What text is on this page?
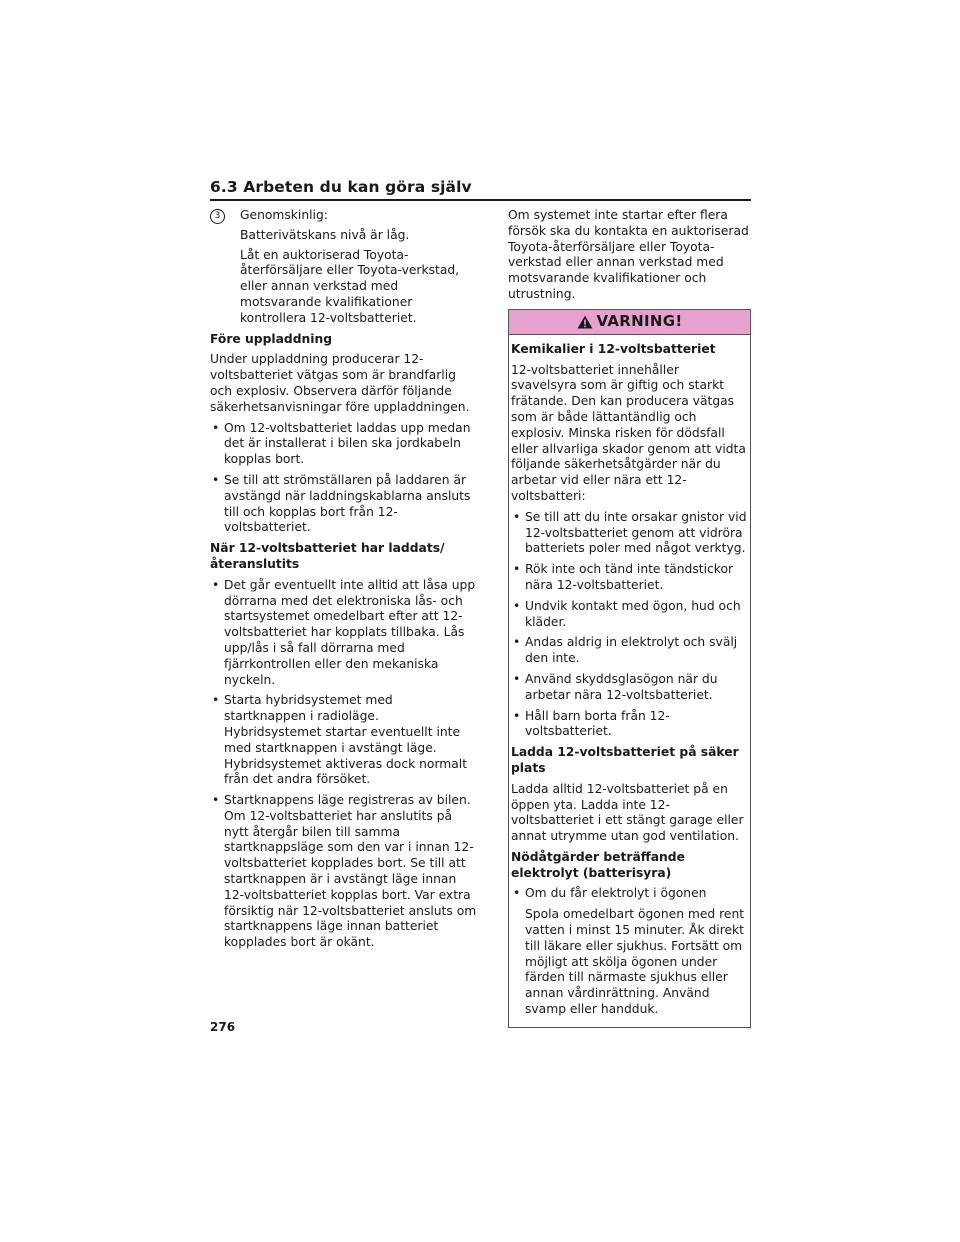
6.3 Arbeten du kan göra själv
3	Genomskinlig:

Batterivätskans nivå är låg.

Låt en auktoriserad Toyota-återförsäljare eller Toyota-verkstad, eller annan verkstad med motsvarande kvalifikationer kontrollera 12-voltsbatteriet.

Före uppladdning

Under uppladdning producerar 12-voltsbatteriet vätgas som är brandfarlig och explosiv. Observera därför följande säkerhetsanvisningar före uppladdningen.

• Om 12-voltsbatteriet laddas upp medan det är installerat i bilen ska jordkabeln kopplas bort.
• Se till att strömställaren på laddaren är avstängd när laddningskablarna ansluts till och kopplas bort från 12-voltsbatteriet.

När 12-voltsbatteriet har laddats/återanslutits

• Det går eventuellt inte alltid att låsa upp dörrarna med det elektroniska lås- och startsystemet omedelbart efter att 12-voltsbatteriet har kopplats tillbaka. Lås upp/lås i så fall dörrarna med fjärrkontrollen eller den mekaniska nyckeln.
• Starta hybridsystemet med startknappen i radioläge. Hybridsystemet startar eventuellt inte med startknappen i avstängt läge. Hybridsystemet aktiveras dock normalt från det andra försöket.
• Startknappens läge registreras av bilen. Om 12-voltsbatteriet har anslutits på nytt återgår bilen till samma startknappsläge som den var i innan 12-voltsbatteriet kopplades bort. Se till att startknappen är i avstängt läge innan 12-voltsbatteriet kopplas bort. Var extra försiktig när 12-voltsbatteriet ansluts om startknappens läge innan batteriet kopplades bort är okänt.

Om systemet inte startar efter flera försök ska du kontakta en auktoriserad Toyota-återförsäljare eller Toyota-verkstad eller annan verkstad med motsvarande kvalifikationer och utrustning.

VARNING!

Kemikalier i 12-voltsbatteriet

12-voltsbatteriet innehåller svavelsyra som är giftig och starkt frätande. Den kan producera vätgas som är både lättantändlig och explosiv. Minska risken för dödsfall eller allvarliga skador genom att vidta följande säkerhetsåtgärder när du arbetar vid eller nära ett 12-voltsbatteri:

• Se till att du inte orsakar gnistor vid 12-voltsbatteriet genom att vidröra batteriets poler med något verktyg.
• Rök inte och tänd inte tändstickor nära 12-voltsbatteriet.
• Undvik kontakt med ögon, hud och kläder.
• Andas aldrig in elektrolyt och svälj den inte.
• Använd skyddsglasögon när du arbetar nära 12-voltsbatteriet.
• Håll barn borta från 12-voltsbatteriet.

Ladda 12-voltsbatteriet på säker plats

Ladda alltid 12-voltsbatteriet på en öppen yta. Ladda inte 12-voltsbatteriet i ett stängt garage eller annat utrymme utan god ventilation.

Nödåtgärder beträffande elektrolyt (batterisyra)

• Om du får elektrolyt i ögonen

Spola omedelbart ögonen med rent vatten i minst 15 minuter. Åk direkt till läkare eller sjukhus. Fortsätt om möjligt att skölja ögonen under färden till närmaste sjukhus eller annan vårdinrättning. Använd svamp eller handduk.

276
